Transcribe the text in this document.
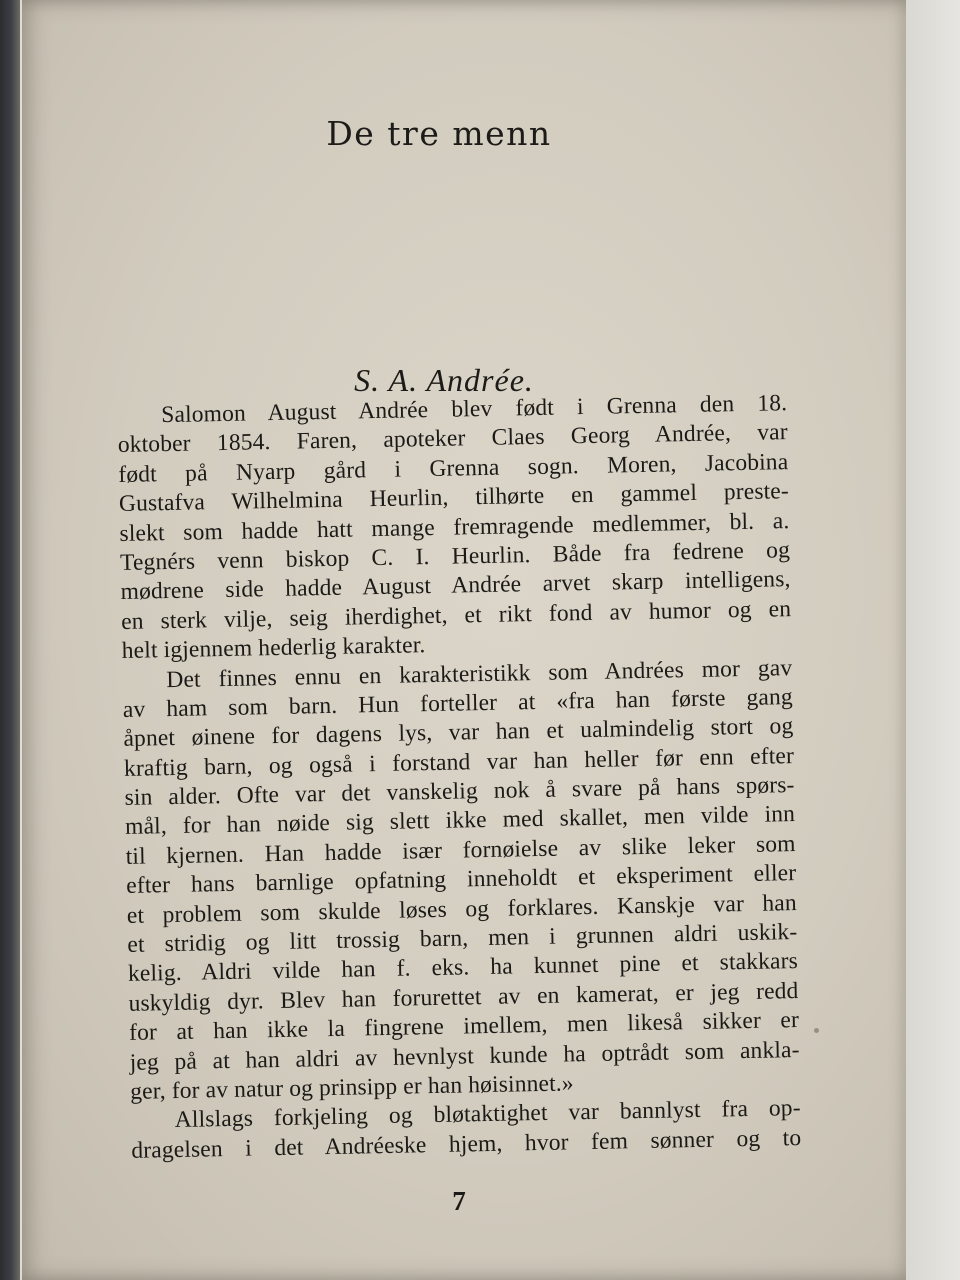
De tre menn
S. A. Andrée.
Salomon August Andrée blev født i Grenna den 18.
oktober 1854. Faren, apoteker Claes Georg Andrée, var
født på Nyarp gård i Grenna sogn. Moren, Jacobina
Gustafva Wilhelmina Heurlin, tilhørte en gammel preste-
slekt som hadde hatt mange fremragende medlemmer, bl. a.
Tegnérs venn biskop C. I. Heurlin. Både fra fedrene og
mødrene side hadde August Andrée arvet skarp intelligens,
en sterk vilje, seig iherdighet, et rikt fond av humor og en
helt igjennem hederlig karakter.
Det finnes ennu en karakteristikk som Andrées mor gav
av ham som barn. Hun forteller at «fra han første gang
åpnet øinene for dagens lys, var han et ualmindelig stort og
kraftig barn, og også i forstand var han heller før enn efter
sin alder. Ofte var det vanskelig nok å svare på hans spørs-
mål, for han nøide sig slett ikke med skallet, men vilde inn
til kjernen. Han hadde især fornøielse av slike leker som
efter hans barnlige opfatning inneholdt et eksperiment eller
et problem som skulde løses og forklares. Kanskje var han
et stridig og litt trossig barn, men i grunnen aldri uskik-
kelig. Aldri vilde han f. eks. ha kunnet pine et stakkars
uskyldig dyr. Blev han forurettet av en kamerat, er jeg redd
for at han ikke la fingrene imellem, men likeså sikker er
jeg på at han aldri av hevnlyst kunde ha optrådt som ankla-
ger, for av natur og prinsipp er han høisinnet.»
Allslags forkjeling og bløtaktighet var bannlyst fra op-
dragelsen i det Andréeske hjem, hvor fem sønner og to
7
